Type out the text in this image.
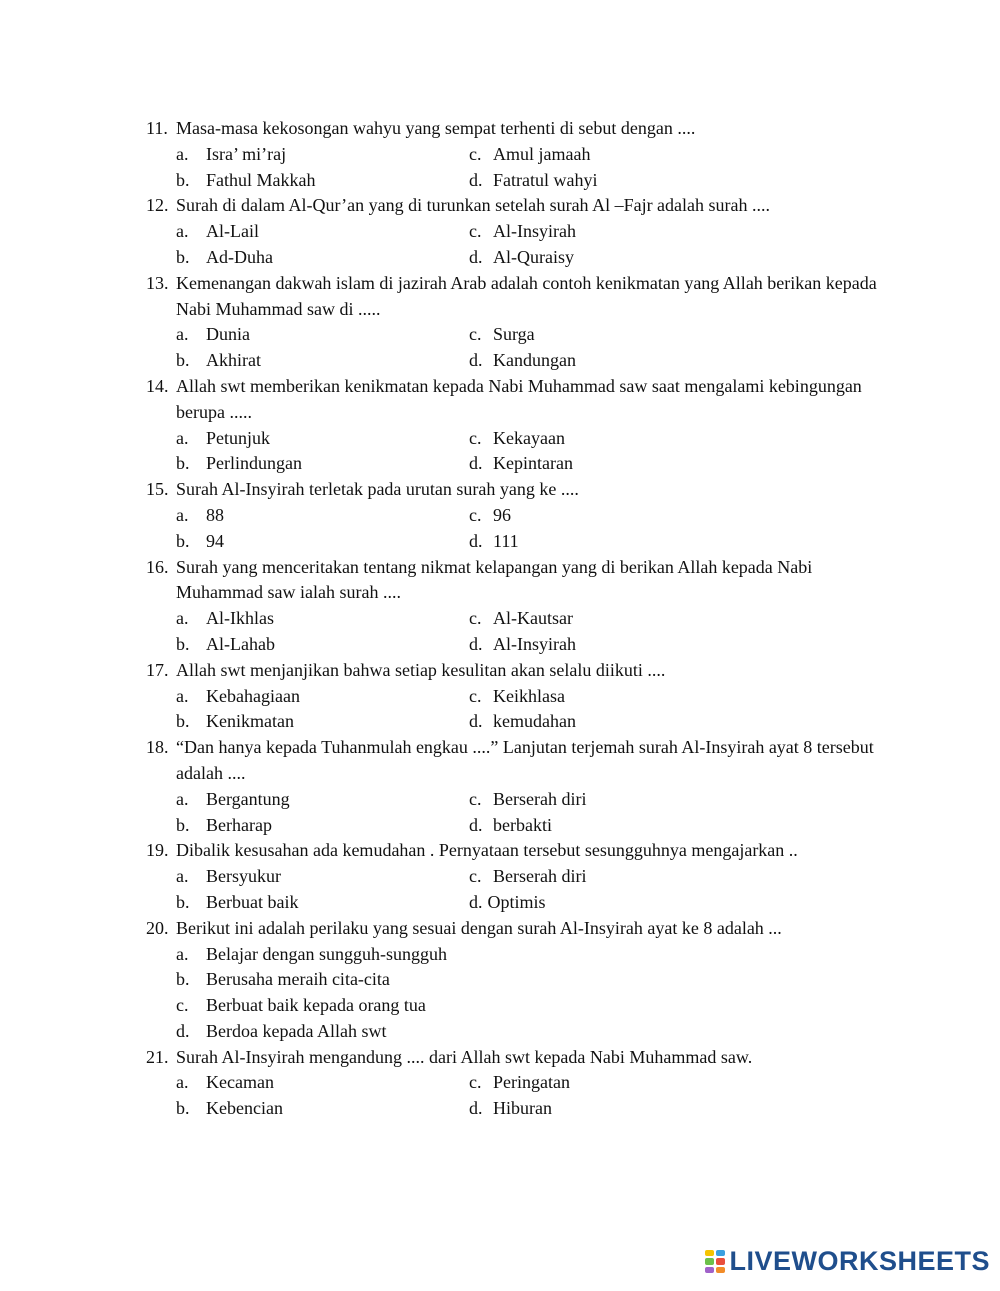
11. Masa-masa kekosongan wahyu yang sempat terhenti di sebut dengan ....
a. Isra’ mi’raj	c. Amul jamaah
b. Fathul Makkah	d. Fatratul wahyi
12. Surah di dalam Al-Qur’an yang di turunkan setelah surah Al –Fajr adalah surah ....
a. Al-Lail	c. Al-Insyirah
b. Ad-Duha	d. Al-Quraisy
13. Kemenangan dakwah islam di jazirah Arab adalah contoh kenikmatan yang Allah berikan kepada Nabi Muhammad saw di .....
a. Dunia	c. Surga
b. Akhirat	d. Kandungan
14. Allah swt memberikan kenikmatan kepada Nabi Muhammad saw saat mengalami kebingungan berupa .....
a. Petunjuk	c. Kekayaan
b. Perlindungan	d. Kepintaran
15. Surah Al-Insyirah terletak pada urutan surah yang ke ....
a. 88	c. 96
b. 94	d. 111
16. Surah yang menceritakan tentang nikmat kelapangan yang di berikan Allah kepada Nabi Muhammad saw ialah surah ....
a. Al-Ikhlas	c. Al-Kautsar
b. Al-Lahab	d. Al-Insyirah
17. Allah swt menjanjikan bahwa setiap kesulitan akan selalu diikuti ....
a. Kebahagiaan	c. Keikhlasa
b. Kenikmatan	d. kemudahan
18. “Dan hanya kepada Tuhanmulah engkau ....” Lanjutan terjemah surah Al-Insyirah ayat 8 tersebut adalah ....
a. Bergantung	c. Berserah diri
b. Berharap	d. berbakti
19. Dibalik kesusahan ada kemudahan . Pernyataan tersebut sesungguhnya mengajarkan ..
a. Bersyukur	c. Berserah diri
b. Berbuat baik	d. Optimis
20. Berikut ini adalah perilaku yang sesuai dengan surah Al-Insyirah ayat ke 8 adalah ...
a. Belajar dengan sungguh-sungguh
b. Berusaha meraih cita-cita
c. Berbuat baik kepada orang tua
d. Berdoa kepada Allah swt
21. Surah Al-Insyirah mengandung .... dari Allah swt kepada Nabi Muhammad saw.
a. Kecaman	c. Peringatan
b. Kebencian	d. Hiburan
LIVEWORKSHEETS
